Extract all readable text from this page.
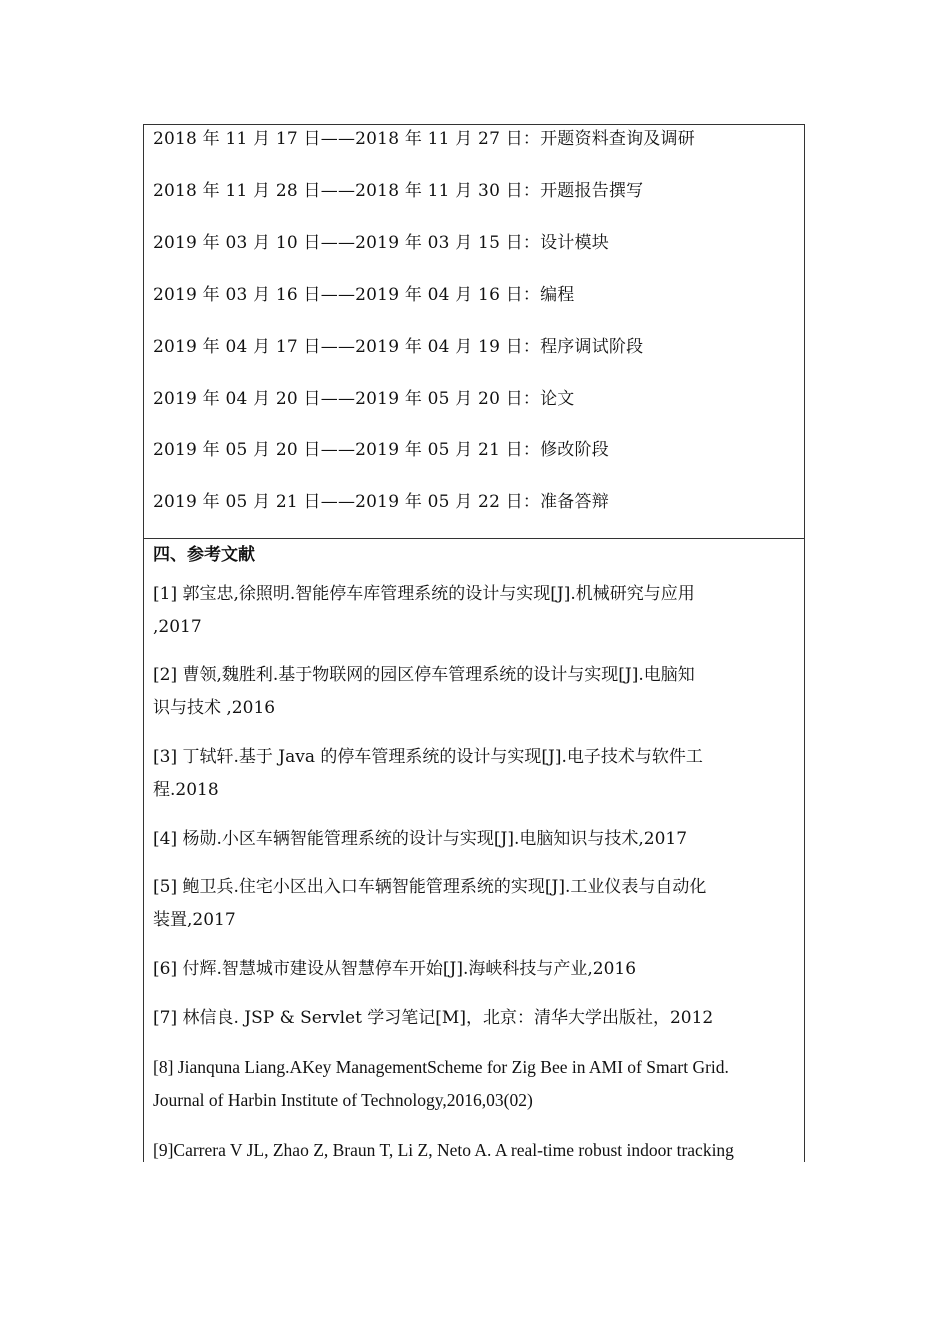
2018 年 11 月 17 日——2018 年 11 月 27 日：开题资料查询及调研
2018 年 11 月 28 日——2018 年 11 月 30 日：开题报告撰写
2019 年 03 月 10 日——2019 年 03 月 15 日：设计模块
2019 年 03 月 16 日——2019 年 04 月 16 日：编程
2019 年 04 月 17 日——2019 年 04 月 19 日：程序调试阶段
2019 年 04 月 20 日——2019 年 05 月 20 日：论文
2019 年 05 月 20 日——2019 年 05 月 21 日：修改阶段
2019 年 05 月 21 日——2019 年 05 月 22 日：准备答辩
四、参考文献
[1] 郭宝忠,徐照明.智能停车库管理系统的设计与实现[J].机械研究与应用
,2017
[2] 曹领,魏胜利.基于物联网的园区停车管理系统的设计与实现[J].电脑知
识与技术 ,2016
[3] 丁轼轩.基于 Java 的停车管理系统的设计与实现[J].电子技术与软件工
程.2018
[4] 杨勋.小区车辆智能管理系统的设计与实现[J].电脑知识与技术,2017
[5] 鲍卫兵.住宅小区出入口车辆智能管理系统的实现[J].工业仪表与自动化
装置,2017
[6] 付辉.智慧城市建设从智慧停车开始[J].海峡科技与产业,2016
[7] 林信良. JSP & Servlet 学习笔记[M]，北京：清华大学出版社，2012
[8] Jianquna Liang.AKey ManagementScheme for Zig Bee in AMI of Smart Grid.
Journal of Harbin Institute of Technology,2016,03(02)
[9]Carrera V JL, Zhao Z, Braun T, Li Z, Neto A. A real-time robust indoor tracking
